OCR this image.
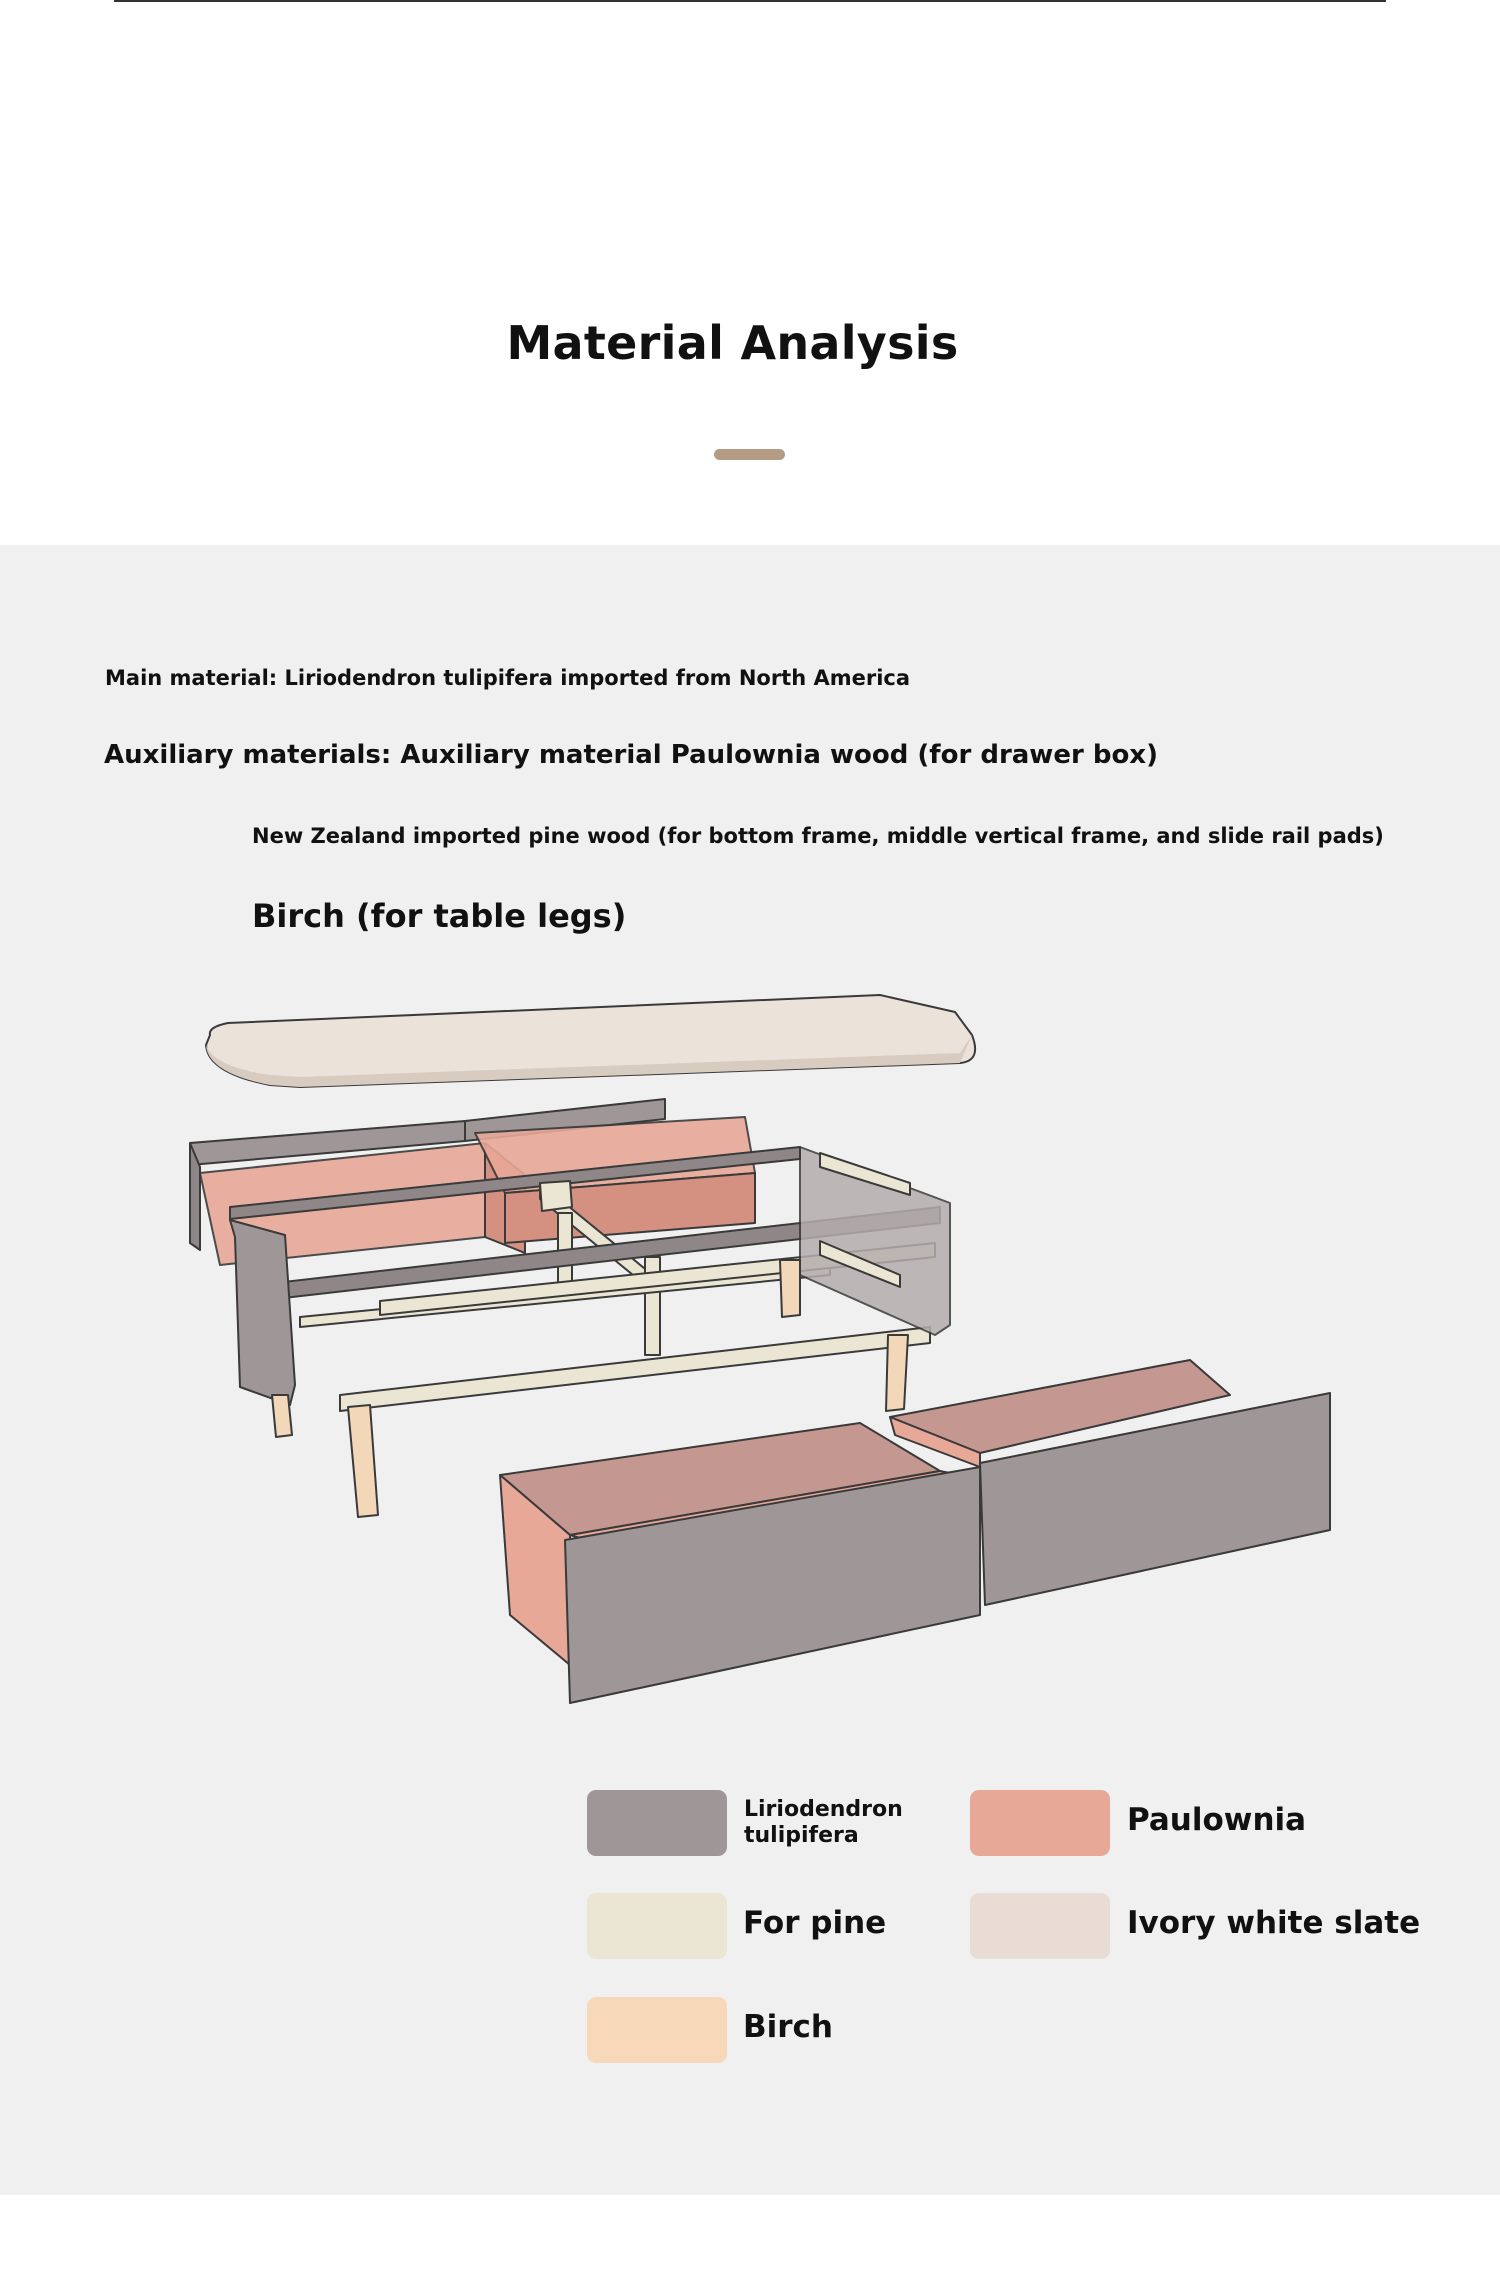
Material Analysis
Main material: Liriodendron tulipifera imported from North America
Auxiliary materials: Auxiliary material Paulownia wood (for drawer box)
New Zealand imported pine wood (for bottom frame, middle vertical frame, and slide rail pads)
Birch (for table legs)
Liriodendron
tulipifera	Paulownia
For pine	Ivory white slate
Birch
